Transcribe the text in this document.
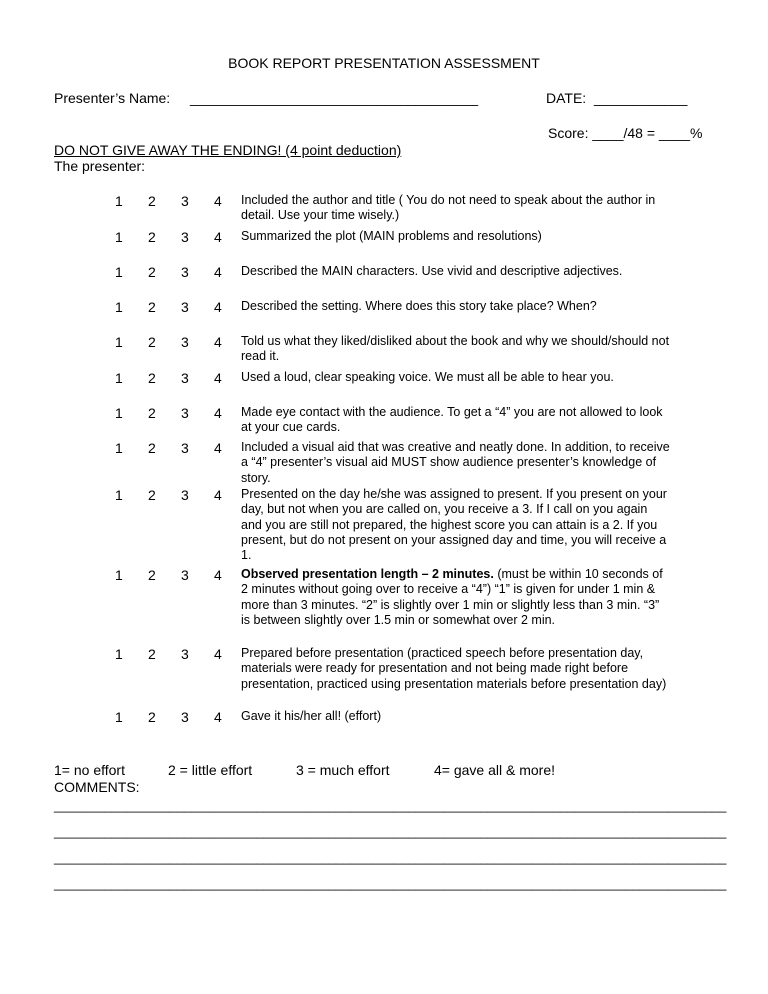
BOOK REPORT PRESENTATION ASSESSMENT
Presenter’s Name: _____________________________________	DATE: ____________
Score: ____/48 = ____%
DO NOT GIVE AWAY THE ENDING! (4 point deduction)
The presenter:
1 2 3 4 Included the author and title ( You do not need to speak about the author in detail. Use your time wisely.)
1 2 3 4 Summarized the plot (MAIN problems and resolutions)
1 2 3 4 Described the MAIN characters. Use vivid and descriptive adjectives.
1 2 3 4 Described the setting. Where does this story take place? When?
1 2 3 4 Told us what they liked/disliked about the book and why we should/should not read it.
1 2 3 4 Used a loud, clear speaking voice. We must all be able to hear you.
1 2 3 4 Made eye contact with the audience. To get a “4” you are not allowed to look at your cue cards.
1 2 3 4 Included a visual aid that was creative and neatly done. In addition, to receive a “4” presenter’s visual aid MUST show audience presenter’s knowledge of story.
1 2 3 4 Presented on the day he/she was assigned to present. If you present on your day, but not when you are called on, you receive a 3. If I call on you again and you are still not prepared, the highest score you can attain is a 2. If you present, but do not present on your assigned day and time, you will receive a 1.
1 2 3 4 Observed presentation length – 2 minutes. (must be within 10 seconds of 2 minutes without going over to receive a “4”) “1” is given for under 1 min & more than 3 minutes. “2” is slightly over 1 min or slightly less than 3 min. “3” is between slightly over 1.5 min or somewhat over 2 min.
1 2 3 4 Prepared before presentation (practiced speech before presentation day, materials were ready for presentation and not being made right before presentation, practiced using presentation materials before presentation day)
1 2 3 4 Gave it his/her all! (effort)
1= no effort	2 = little effort	3 = much effort	4= gave all & more!
COMMENTS:
_____________________________________________________________________________________________
_____________________________________________________________________________________________
_____________________________________________________________________________________________
_____________________________________________________________________________________________
